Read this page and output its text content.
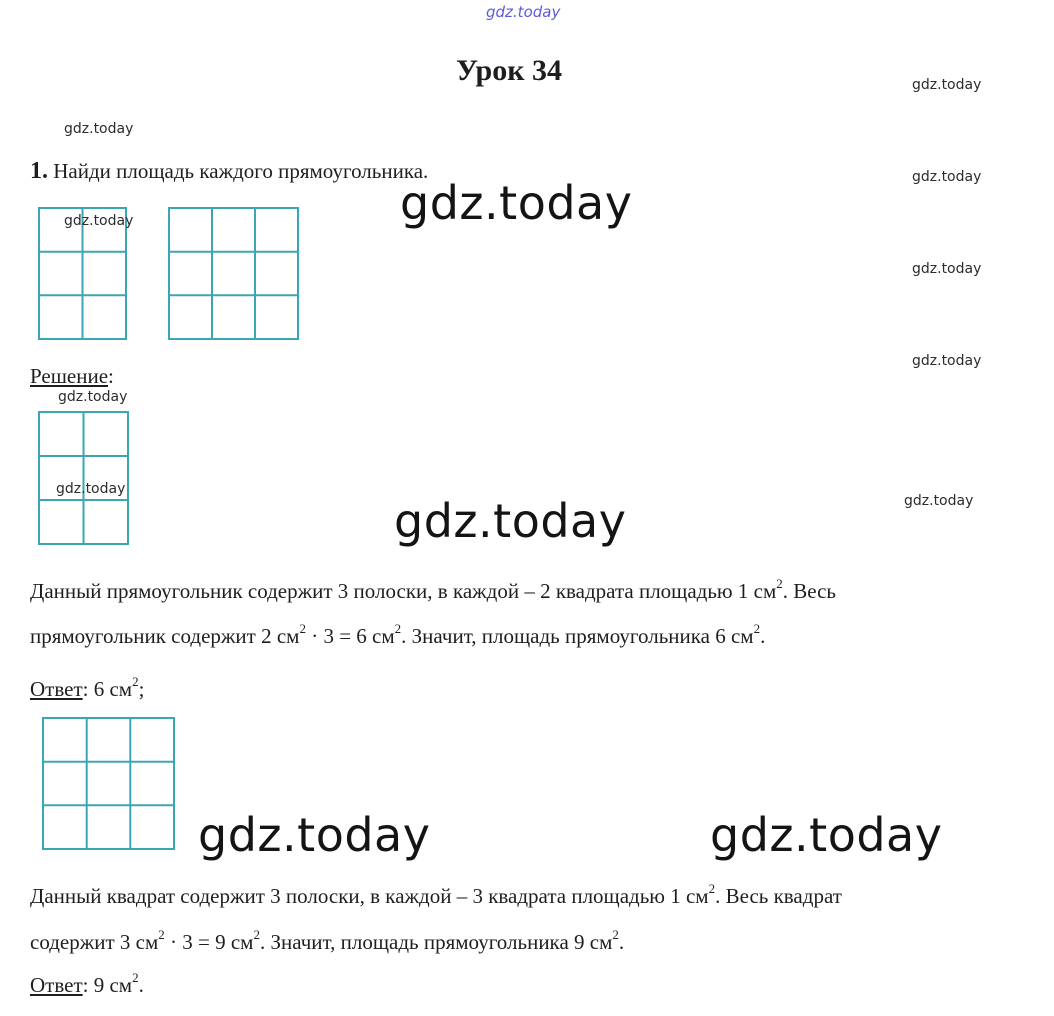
gdz.today
Урок 34	gdz.today
gdz.today
gdz.today
gdz.today
gdz.today
gdz.today
1. Найди площадь каждого прямоугольника.
gdz.today
gdz.today
Решение:
gdz.today
gdz.today
gdz.today
Данный прямоугольник содержит 3 полоски, в каждой – 2 квадрата площадью 1 $см^2$. Весь
прямоугольник содержит 2 $см^2 \cdot 3 = 6$ $см^2$. Значит, площадь прямоугольника 6 $см^2$.
Ответ: 6 $см^2$;
gdz.today	gdz.today
Данный квадрат содержит 3 полоски, в каждой – 3 квадрата площадью 1 $см^2$. Весь квадрат
содержит 3 $см^2 \cdot 3 = 9$ $см^2$. Значит, площадь прямоугольника 9 $см^2$.
Ответ: 9 $см^2$.
